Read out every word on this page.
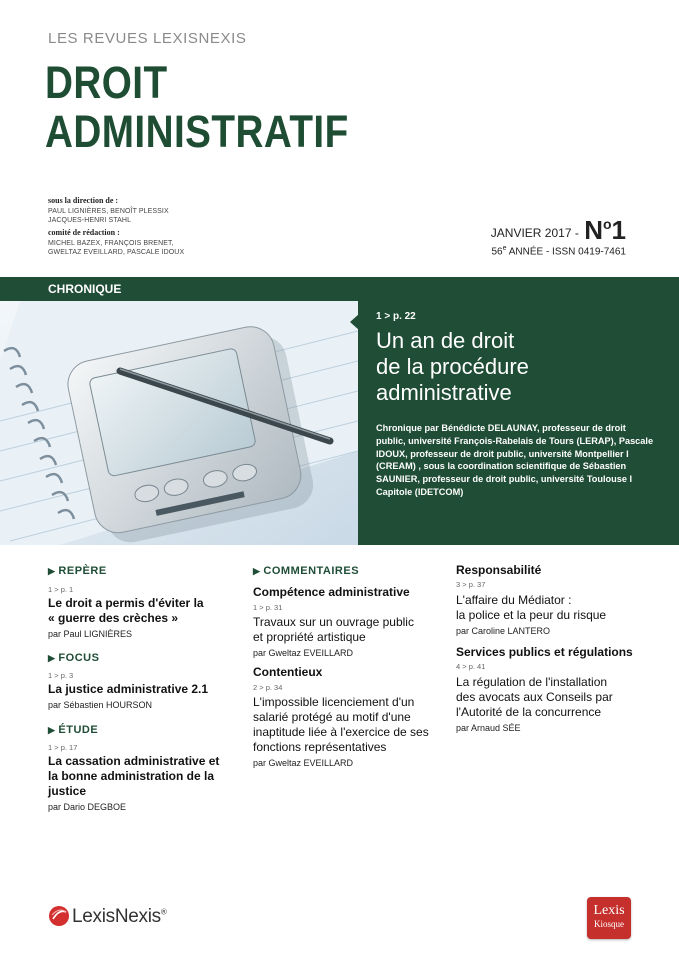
LES REVUES LEXISNEXIS
DROIT
ADMINISTRATIF
sous la direction de :
PAUL LIGNIÈRES, BENOÎT PLESSIX
JACQUES-HENRI STAHL
comité de rédaction :
MICHEL BAZEX, FRANÇOIS BRENET,
GWELTAZ EVEILLARD, PASCALE IDOUX
JANVIER $2017 - N^o1$
56e ANNÉE - ISSN 0419-7461
CHRONIQUE
1 > p. 22
Un an de droit
de la procédure
administrative
Chronique par Bénédicte DELAUNAY, professeur de droit public, université François-Rabelais de Tours (LERAP), Pascale IDOUX, professeur de droit public, université Montpellier I (CREAM) , sous la coordination scientifique de Sébastien SAUNIER, professeur de droit public, université Toulouse I Capitole (IDETCOM)
▶ REPÈRE
1 > p. 1
Le droit a permis d'éviter la
« guerre des crèches »
par Paul LIGNIÈRES
▶ FOCUS
1 > p. 3
La justice administrative 2.1
par Sébastien HOURSON
▶ ÉTUDE
1 > p. 17
La cassation administrative et
la bonne administration de la
justice
par Dario DEGBOE
▶ COMMENTAIRES
Compétence administrative
1 > p. 31
Travaux sur un ouvrage public
et propriété artistique
par Gweltaz EVEILLARD
Contentieux
2 > p. 34
L'impossible licenciement d'un
salarié protégé au motif d'une
inaptitude liée à l'exercice de ses
fonctions représentatives
par Gweltaz EVEILLARD
Responsabilité
3 > p. 37
L'affaire du Médiator :
la police et la peur du risque
par Caroline LANTERO
Services publics et régulations
4 > p. 41
La régulation de l'installation
des avocats aux Conseils par
l'Autorité de la concurrence
par Arnaud SÉE
LexisNexis®	Lexis
Kiosque
